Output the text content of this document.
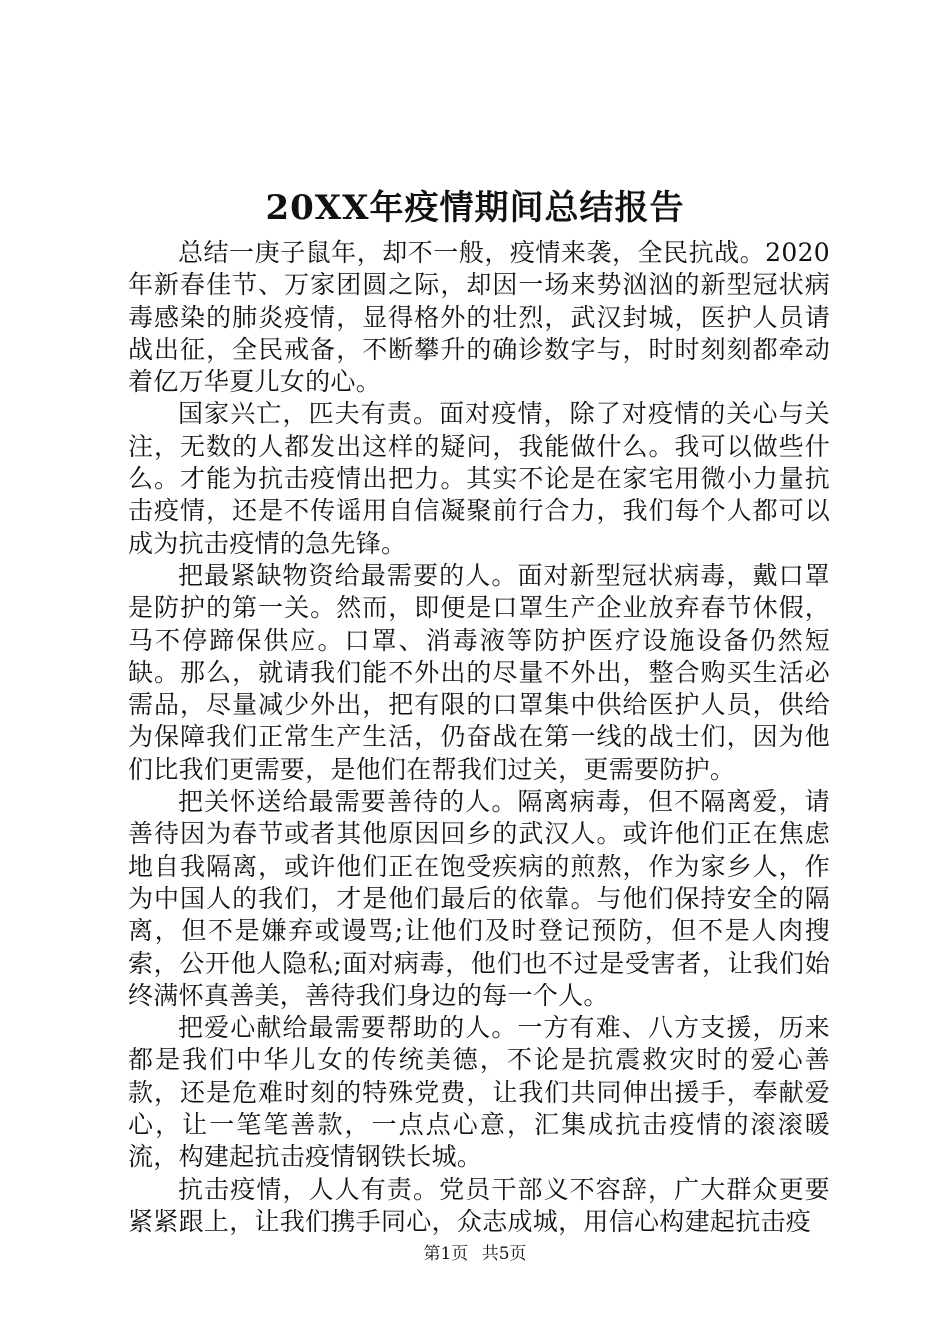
20XX年疫情期间总结报告

总结一庚子鼠年，却不一般，疫情来袭，全民抗战。2020年新春佳节、万家团圆之际，却因一场来势汹汹的新型冠状病毒感染的肺炎疫情，显得格外的壮烈，武汉封城，医护人员请战出征，全民戒备，不断攀升的确诊数字与，时时刻刻都牵动着亿万华夏儿女的心。

国家兴亡，匹夫有责。面对疫情，除了对疫情的关心与关注，无数的人都发出这样的疑问，我能做什么。我可以做些什么。才能为抗击疫情出把力。其实不论是在家宅用微小力量抗击疫情，还是不传谣用自信凝聚前行合力，我们每个人都可以成为抗击疫情的急先锋。

把最紧缺物资给最需要的人。面对新型冠状病毒，戴口罩是防护的第一关。然而，即便是口罩生产企业放弃春节休假，马不停蹄保供应。口罩、消毒液等防护医疗设施设备仍然短缺。那么，就请我们能不外出的尽量不外出，整合购买生活必需品，尽量减少外出，把有限的口罩集中供给医护人员，供给为保障我们正常生产生活，仍奋战在第一线的战士们，因为他们比我们更需要，是他们在帮我们过关，更需要防护。

把关怀送给最需要善待的人。隔离病毒，但不隔离爱，请善待因为春节或者其他原因回乡的武汉人。或许他们正在焦虑地自我隔离，或许他们正在饱受疾病的煎熬，作为家乡人，作为中国人的我们，才是他们最后的依靠。与他们保持安全的隔离，但不是嫌弃或谩骂;让他们及时登记预防，但不是人肉搜索，公开他人隐私;面对病毒，他们也不过是受害者，让我们始终满怀真善美，善待我们身边的每一个人。

把爱心献给最需要帮助的人。一方有难、八方支援，历来都是我们中华儿女的传统美德，不论是抗震救灾时的爱心善款，还是危难时刻的特殊党费，让我们共同伸出援手，奉献爱心，让一笔笔善款，一点点心意，汇集成抗击疫情的滚滚暖流，构建起抗击疫情钢铁长城。

抗击疫情，人人有责。党员干部义不容辞，广大群众更要紧紧跟上，让我们携手同心，众志成城，用信心构建起抗击疫

第1页 共5页
